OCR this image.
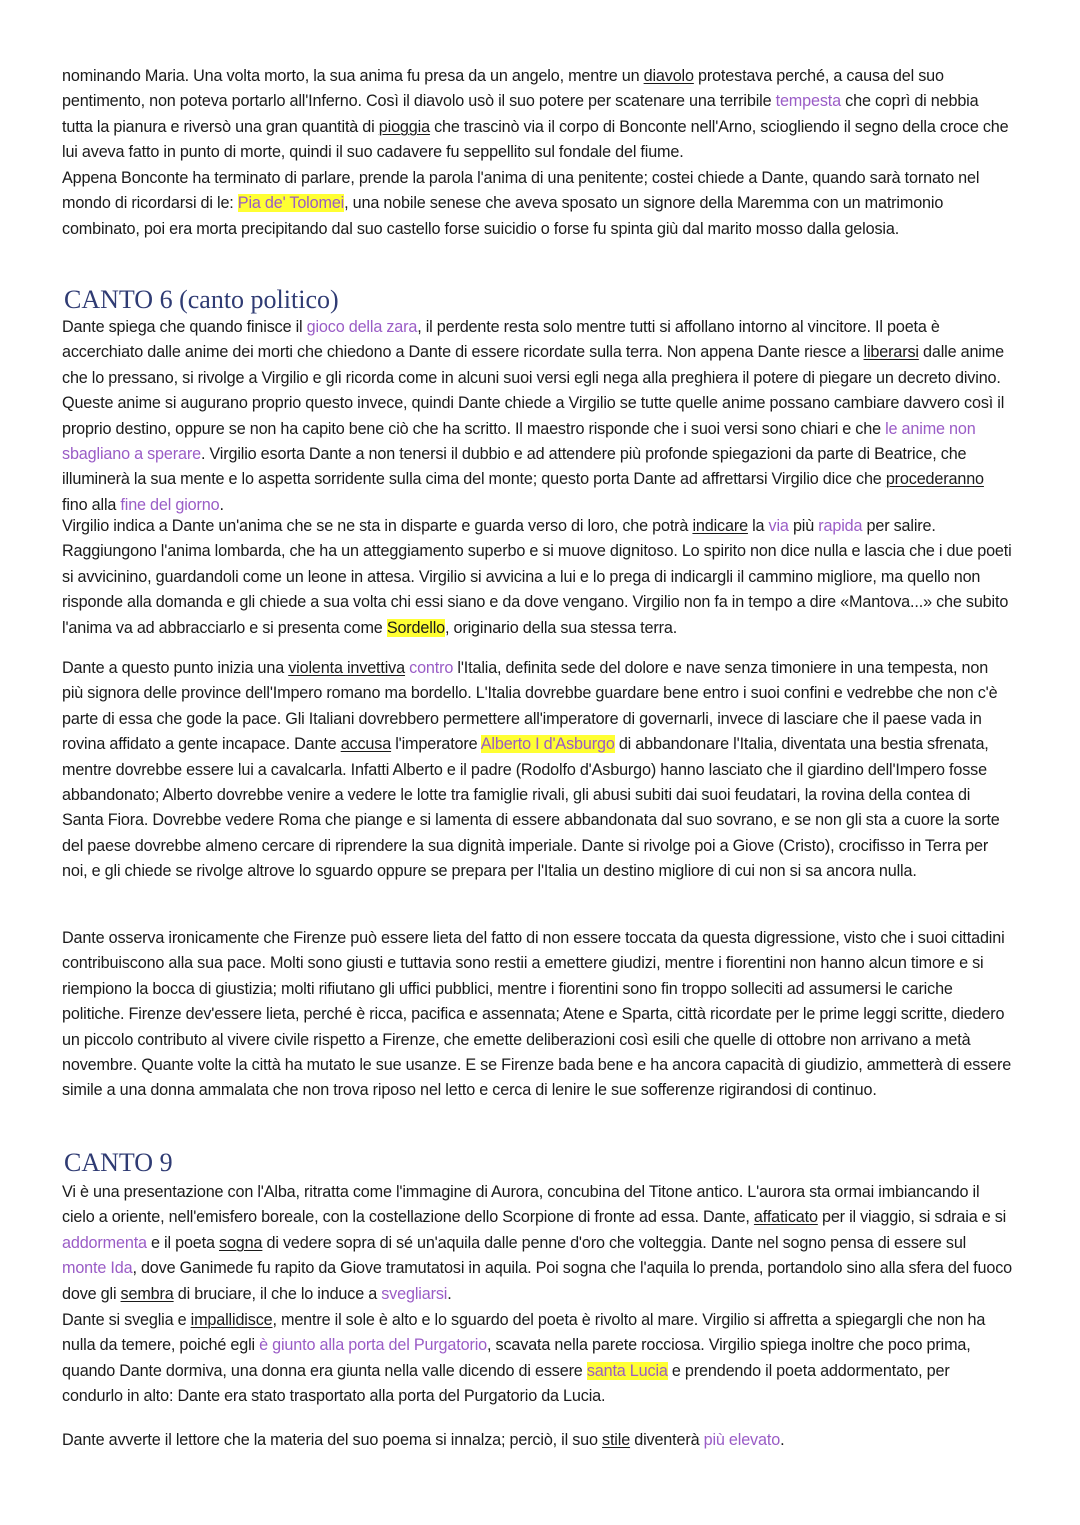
nominando Maria. Una volta morto, la sua anima fu presa da un angelo, mentre un diavolo protestava perché, a causa del suo pentimento, non poteva portarlo all'Inferno. Così il diavolo usò il suo potere per scatenare una terribile tempesta che coprì di nebbia tutta la pianura e riversò una gran quantità di pioggia che trascinò via il corpo di Bonconte nell'Arno, sciogliendo il segno della croce che lui aveva fatto in punto di morte, quindi il suo cadavere fu seppellito sul fondale del fiume.

Appena Bonconte ha terminato di parlare, prende la parola l'anima di una penitente; costei chiede a Dante, quando sarà tornato nel mondo di ricordarsi di le: Pia de' Tolomei, una nobile senese che aveva sposato un signore della Maremma con un matrimonio combinato, poi era morta precipitando dal suo castello forse suicidio o forse fu spinta giù dal marito mosso dalla gelosia.

CANTO 6 (canto politico)

Dante spiega che quando finisce il gioco della zara, il perdente resta solo mentre tutti si affollano intorno al vincitore. Il poeta è accerchiato dalle anime dei morti che chiedono a Dante di essere ricordate sulla terra. Non appena Dante riesce a liberarsi dalle anime che lo pressano, si rivolge a Virgilio e gli ricorda come in alcuni suoi versi egli nega alla preghiera il potere di piegare un decreto divino. Queste anime si augurano proprio questo invece, quindi Dante chiede a Virgilio se tutte quelle anime possano cambiare davvero così il proprio destino, oppure se non ha capito bene ciò che ha scritto. Il maestro risponde che i suoi versi sono chiari e che le anime non sbagliano a sperare. Virgilio esorta Dante a non tenersi il dubbio e ad attendere più profonde spiegazioni da parte di Beatrice, che illuminerà la sua mente e lo aspetta sorridente sulla cima del monte; questo porta Dante ad affrettarsi Virgilio dice che procederanno fino alla fine del giorno.

Virgilio indica a Dante un'anima che se ne sta in disparte e guarda verso di loro, che potrà indicare la via più rapida per salire. Raggiungono l'anima lombarda, che ha un atteggiamento superbo e si muove dignitoso. Lo spirito non dice nulla e lascia che i due poeti si avvicinino, guardandoli come un leone in attesa. Virgilio si avvicina a lui e lo prega di indicargli il cammino migliore, ma quello non risponde alla domanda e gli chiede a sua volta chi essi siano e da dove vengano. Virgilio non fa in tempo a dire «Mantova...» che subito l'anima va ad abbracciarlo e si presenta come Sordello, originario della sua stessa terra.

Dante a questo punto inizia una violenta invettiva contro l'Italia, definita sede del dolore e nave senza timoniere in una tempesta, non più signora delle province dell'Impero romano ma bordello. L'Italia dovrebbe guardare bene entro i suoi confini e vedrebbe che non c'è parte di essa che gode la pace. Gli Italiani dovrebbero permettere all'imperatore di governarli, invece di lasciare che il paese vada in rovina affidato a gente incapace. Dante accusa l'imperatore Alberto I d'Asburgo di abbandonare l'Italia, diventata una bestia sfrenata, mentre dovrebbe essere lui a cavalcarla. Infatti Alberto e il padre (Rodolfo d'Asburgo) hanno lasciato che il giardino dell'Impero fosse abbandonato; Alberto dovrebbe venire a vedere le lotte tra famiglie rivali, gli abusi subiti dai suoi feudatari, la rovina della contea di Santa Fiora. Dovrebbe vedere Roma che piange e si lamenta di essere abbandonata dal suo sovrano, e se non gli sta a cuore la sorte del paese dovrebbe almeno cercare di riprendere la sua dignità imperiale. Dante si rivolge poi a Giove (Cristo), crocifisso in Terra per noi, e gli chiede se rivolge altrove lo sguardo oppure se prepara per l'Italia un destino migliore di cui non si sa ancora nulla.

Dante osserva ironicamente che Firenze può essere lieta del fatto di non essere toccata da questa digressione, visto che i suoi cittadini contribuiscono alla sua pace. Molti sono giusti e tuttavia sono restii a emettere giudizi, mentre i fiorentini non hanno alcun timore e si riempiono la bocca di giustizia; molti rifiutano gli uffici pubblici, mentre i fiorentini sono fin troppo solleciti ad assumersi le cariche politiche. Firenze dev'essere lieta, perché è ricca, pacifica e assennata; Atene e Sparta, città ricordate per le prime leggi scritte, diedero un piccolo contributo al vivere civile rispetto a Firenze, che emette deliberazioni così esili che quelle di ottobre non arrivano a metà novembre. Quante volte la città ha mutato le sue usanze. E se Firenze bada bene e ha ancora capacità di giudizio, ammetterà di essere simile a una donna ammalata che non trova riposo nel letto e cerca di lenire le sue sofferenze rigirandosi di continuo.

CANTO 9

Vi è una presentazione con l'Alba, ritratta come l'immagine di Aurora, concubina del Titone antico. L'aurora sta ormai imbiancando il cielo a oriente, nell'emisfero boreale, con la costellazione dello Scorpione di fronte ad essa. Dante, affaticato per il viaggio, si sdraia e si addormenta e il poeta sogna di vedere sopra di sé un'aquila dalle penne d'oro che volteggia. Dante nel sogno pensa di essere sul monte Ida, dove Ganimede fu rapito da Giove tramutatosi in aquila. Poi sogna che l'aquila lo prenda, portandolo sino alla sfera del fuoco dove gli sembra di bruciare, il che lo induce a svegliarsi.

Dante si sveglia e impallidisce, mentre il sole è alto e lo sguardo del poeta è rivolto al mare. Virgilio si affretta a spiegargli che non ha nulla da temere, poiché egli è giunto alla porta del Purgatorio, scavata nella parete rocciosa. Virgilio spiega inoltre che poco prima, quando Dante dormiva, una donna era giunta nella valle dicendo di essere santa Lucia e prendendo il poeta addormentato, per condurlo in alto: Dante era stato trasportato alla porta del Purgatorio da Lucia.

Dante avverte il lettore che la materia del suo poema si innalza; perciò, il suo stile diventerà più elevato.
